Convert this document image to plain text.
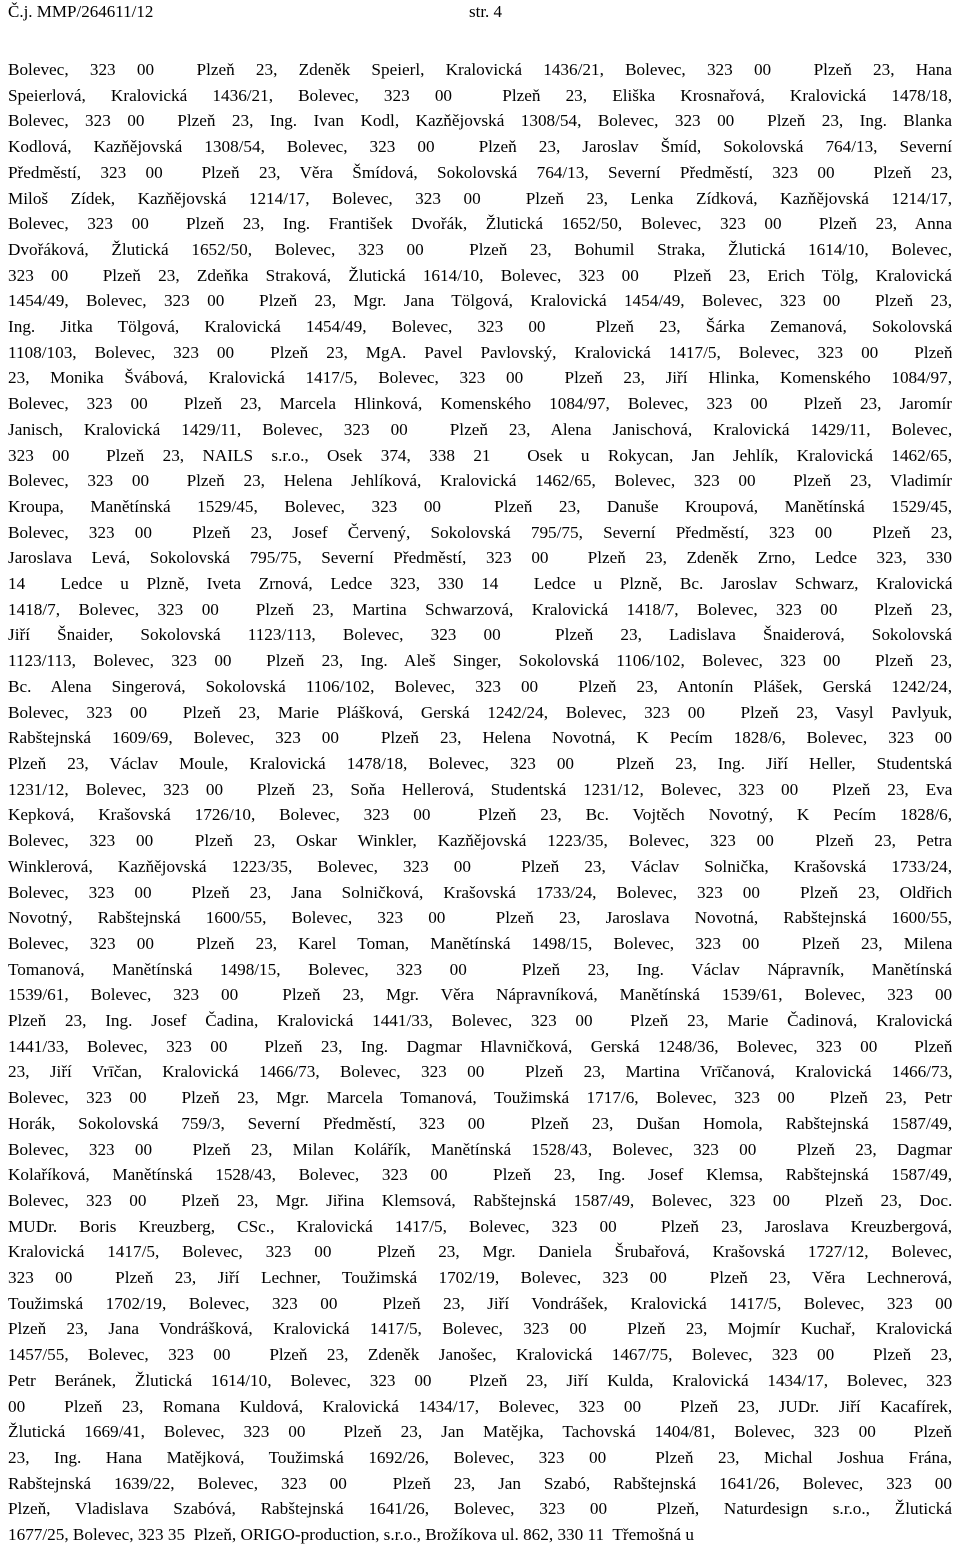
Č.j. MMP/264611/12	str. 4
Bolevec, 323 00  Plzeň 23, Zdeněk Speierl, Kralovická 1436/21, Bolevec, 323 00  Plzeň 23, Hana
Speierlová, Kralovická 1436/21, Bolevec, 323 00  Plzeň 23, Eliška Krosnařová, Kralovická 1478/18,
Bolevec, 323 00  Plzeň 23, Ing. Ivan Kodl, Kazňějovská 1308/54, Bolevec, 323 00  Plzeň 23, Ing. Blanka
Kodlová, Kazňějovská 1308/54, Bolevec, 323 00  Plzeň 23, Jaroslav Šmíd, Sokolovská 764/13, Severní
Předměstí, 323 00  Plzeň 23, Věra Šmídová, Sokolovská 764/13, Severní Předměstí, 323 00  Plzeň 23,
Miloš Zídek, Kazňějovská 1214/17, Bolevec, 323 00  Plzeň 23, Lenka Zídková, Kazňějovská 1214/17,
Bolevec, 323 00  Plzeň 23, Ing. František Dvořák, Žlutická 1652/50, Bolevec, 323 00  Plzeň 23, Anna
Dvořáková, Žlutická 1652/50, Bolevec, 323 00  Plzeň 23, Bohumil Straka, Žlutická 1614/10, Bolevec,
323 00  Plzeň 23, Zdeňka Straková, Žlutická 1614/10, Bolevec, 323 00  Plzeň 23, Erich Tölg, Kralovická
1454/49, Bolevec, 323 00  Plzeň 23, Mgr. Jana Tölgová, Kralovická 1454/49, Bolevec, 323 00  Plzeň 23,
Ing. Jitka Tölgová, Kralovická 1454/49, Bolevec, 323 00  Plzeň 23, Šárka Zemanová, Sokolovská
1108/103, Bolevec, 323 00  Plzeň 23, MgA. Pavel Pavlovský, Kralovická 1417/5, Bolevec, 323 00  Plzeň
23, Monika Švábová, Kralovická 1417/5, Bolevec, 323 00  Plzeň 23, Jiří Hlinka, Komenského 1084/97,
Bolevec, 323 00  Plzeň 23, Marcela Hlinková, Komenského 1084/97, Bolevec, 323 00  Plzeň 23, Jaromír
Janisch, Kralovická 1429/11, Bolevec, 323 00  Plzeň 23, Alena Janischová, Kralovická 1429/11, Bolevec,
323 00  Plzeň 23, NAILS s.r.o., Osek 374, 338 21  Osek u Rokycan, Jan Jehlík, Kralovická 1462/65,
Bolevec, 323 00  Plzeň 23, Helena Jehlíková, Kralovická 1462/65, Bolevec, 323 00  Plzeň 23, Vladimír
Kroupa, Manětínská 1529/45, Bolevec, 323 00  Plzeň 23, Danuše Kroupová, Manětínská 1529/45,
Bolevec, 323 00  Plzeň 23, Josef Červený, Sokolovská 795/75, Severní Předměstí, 323 00  Plzeň 23,
Jaroslava Levá, Sokolovská 795/75, Severní Předměstí, 323 00  Plzeň 23, Zdeněk Zrno, Ledce 323, 330
14  Ledce u Plzně, Iveta Zrnová, Ledce 323, 330 14  Ledce u Plzně, Bc. Jaroslav Schwarz, Kralovická
1418/7, Bolevec, 323 00  Plzeň 23, Martina Schwarzová, Kralovická 1418/7, Bolevec, 323 00  Plzeň 23,
Jiří Šnaider, Sokolovská 1123/113, Bolevec, 323 00  Plzeň 23, Ladislava Šnaiderová, Sokolovská
1123/113, Bolevec, 323 00  Plzeň 23, Ing. Aleš Singer, Sokolovská 1106/102, Bolevec, 323 00  Plzeň 23,
Bc. Alena Singerová, Sokolovská 1106/102, Bolevec, 323 00  Plzeň 23, Antonín Plášek, Gerská 1242/24,
Bolevec, 323 00  Plzeň 23, Marie Plášková, Gerská 1242/24, Bolevec, 323 00  Plzeň 23, Vasyl Pavlyuk,
Rabštejnská 1609/69, Bolevec, 323 00  Plzeň 23, Helena Novotná, K Pecím 1828/6, Bolevec, 323 00
Plzeň 23, Václav Moule, Kralovická 1478/18, Bolevec, 323 00  Plzeň 23, Ing. Jiří Heller, Studentská
1231/12, Bolevec, 323 00  Plzeň 23, Soňa Hellerová, Studentská 1231/12, Bolevec, 323 00  Plzeň 23, Eva
Kepková, Krašovská 1726/10, Bolevec, 323 00  Plzeň 23, Bc. Vojtěch Novotný, K Pecím 1828/6,
Bolevec, 323 00  Plzeň 23, Oskar Winkler, Kazňějovská 1223/35, Bolevec, 323 00  Plzeň 23, Petra
Winklerová, Kazňějovská 1223/35, Bolevec, 323 00  Plzeň 23, Václav Solnička, Krašovská 1733/24,
Bolevec, 323 00  Plzeň 23, Jana Solničková, Krašovská 1733/24, Bolevec, 323 00  Plzeň 23, Oldřich
Novotný, Rabštejnská 1600/55, Bolevec, 323 00  Plzeň 23, Jaroslava Novotná, Rabštejnská 1600/55,
Bolevec, 323 00  Plzeň 23, Karel Toman, Manětínská 1498/15, Bolevec, 323 00  Plzeň 23, Milena
Tomanová, Manětínská 1498/15, Bolevec, 323 00  Plzeň 23, Ing. Václav Nápravník, Manětínská
1539/61, Bolevec, 323 00  Plzeň 23, Mgr. Věra Nápravníková, Manětínská 1539/61, Bolevec, 323 00
Plzeň 23, Ing. Josef Čadina, Kralovická 1441/33, Bolevec, 323 00  Plzeň 23, Marie Čadinová, Kralovická
1441/33, Bolevec, 323 00  Plzeň 23, Ing. Dagmar Hlavničková, Gerská 1248/36, Bolevec, 323 00  Plzeň
23, Jiří Vrīčan, Kralovická 1466/73, Bolevec, 323 00  Plzeň 23, Martina Vrīčanová, Kralovická 1466/73,
Bolevec, 323 00  Plzeň 23, Mgr. Marcela Tomanová, Toužimská 1717/6, Bolevec, 323 00  Plzeň 23, Petr
Horák, Sokolovská 759/3, Severní Předměstí, 323 00  Plzeň 23, Dušan Homola, Rabštejnská 1587/49,
Bolevec, 323 00  Plzeň 23, Milan Kolářík, Manětínská 1528/43, Bolevec, 323 00  Plzeň 23, Dagmar
Kolaříková, Manětínská 1528/43, Bolevec, 323 00  Plzeň 23, Ing. Josef Klemsa, Rabštejnská 1587/49,
Bolevec, 323 00  Plzeň 23, Mgr. Jiřina Klemsová, Rabštejnská 1587/49, Bolevec, 323 00  Plzeň 23, Doc.
MUDr. Boris Kreuzberg, CSc., Kralovická 1417/5, Bolevec, 323 00  Plzeň 23, Jaroslava Kreuzbergová,
Kralovická 1417/5, Bolevec, 323 00  Plzeň 23, Mgr. Daniela Šrubařová, Krašovská 1727/12, Bolevec,
323 00  Plzeň 23, Jiří Lechner, Toužimská 1702/19, Bolevec, 323 00  Plzeň 23, Věra Lechnerová,
Toužimská 1702/19, Bolevec, 323 00  Plzeň 23, Jiří Vondrášek, Kralovická 1417/5, Bolevec, 323 00
Plzeň 23, Jana Vondrášková, Kralovická 1417/5, Bolevec, 323 00  Plzeň 23, Mojmír Kuchař, Kralovická
1457/55, Bolevec, 323 00  Plzeň 23, Zdeněk Janošec, Kralovická 1467/75, Bolevec, 323 00  Plzeň 23,
Petr Beránek, Žlutická 1614/10, Bolevec, 323 00  Plzeň 23, Jiří Kulda, Kralovická 1434/17, Bolevec, 323
00  Plzeň 23, Romana Kuldová, Kralovická 1434/17, Bolevec, 323 00  Plzeň 23, JUDr. Jiří Kacafírek,
Žlutická 1669/41, Bolevec, 323 00  Plzeň 23, Jan Matějka, Tachovská 1404/81, Bolevec, 323 00  Plzeň
23, Ing. Hana Matějková, Toužimská 1692/26, Bolevec, 323 00  Plzeň 23, Michal Joshua Frána,
Rabštejnská 1639/22, Bolevec, 323 00  Plzeň 23, Jan Szabó, Rabštejnská 1641/26, Bolevec, 323 00
Plzeň, Vladislava Szabóvá, Rabštejnská 1641/26, Bolevec, 323 00  Plzeň, Naturdesign s.r.o., Žlutická
1677/25, Bolevec, 323 35  Plzeň, ORIGO-production, s.r.o., Brožíkova ul. 862, 330 11  Třemošná u
